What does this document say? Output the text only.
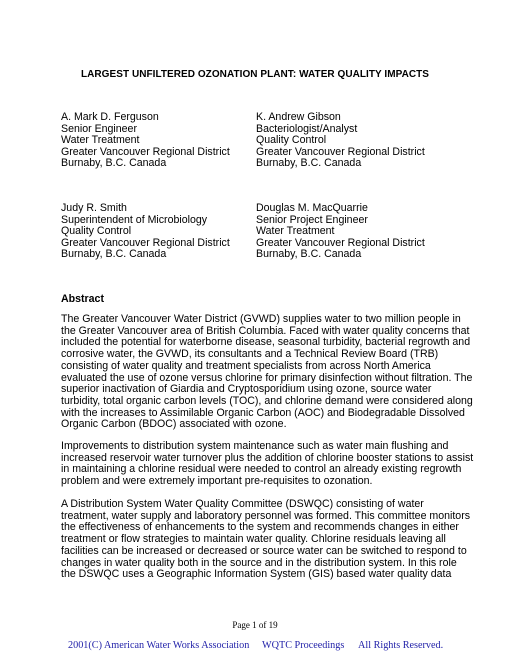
LARGEST UNFILTERED OZONATION PLANT: WATER QUALITY IMPACTS
A. Mark D. Ferguson
Senior Engineer
Water Treatment
Greater Vancouver Regional District
Burnaby, B.C. Canada
K. Andrew Gibson
Bacteriologist/Analyst
Quality Control
Greater Vancouver Regional District
Burnaby, B.C. Canada
Judy R. Smith
Superintendent of Microbiology
Quality Control
Greater Vancouver Regional District
Burnaby, B.C. Canada
Douglas M. MacQuarrie
Senior Project Engineer
Water Treatment
Greater Vancouver Regional District
Burnaby, B.C. Canada
Abstract
The Greater Vancouver Water District (GVWD) supplies water to two million people in
the Greater Vancouver area of British Columbia. Faced with water quality concerns that
included the potential for waterborne disease, seasonal turbidity, bacterial regrowth and
corrosive water, the GVWD, its consultants and a Technical Review Board (TRB)
consisting of water quality and treatment specialists from across North America
evaluated the use of ozone versus chlorine for primary disinfection without filtration. The
superior inactivation of Giardia and Cryptosporidium using ozone, source water
turbidity, total organic carbon levels (TOC), and chlorine demand were considered along
with the increases to Assimilable Organic Carbon (AOC) and Biodegradable Dissolved
Organic Carbon (BDOC) associated with ozone.
Improvements to distribution system maintenance such as water main flushing and
increased reservoir water turnover plus the addition of chlorine booster stations to assist
in maintaining a chlorine residual were needed to control an already existing regrowth
problem and were extremely important pre-requisites to ozonation.
A Distribution System Water Quality Committee (DSWQC) consisting of water
treatment, water supply and laboratory personnel was formed. This committee monitors
the effectiveness of enhancements to the system and recommends changes in either
treatment or flow strategies to maintain water quality. Chlorine residuals leaving all
facilities can be increased or decreased or source water can be switched to respond to
changes in water quality both in the source and in the distribution system. In this role
the DSWQC uses a Geographic Information System (GIS) based water quality data
Page 1 of 19
2001(C) American Water Works Association WQTC Proceedings All Rights Reserved.
